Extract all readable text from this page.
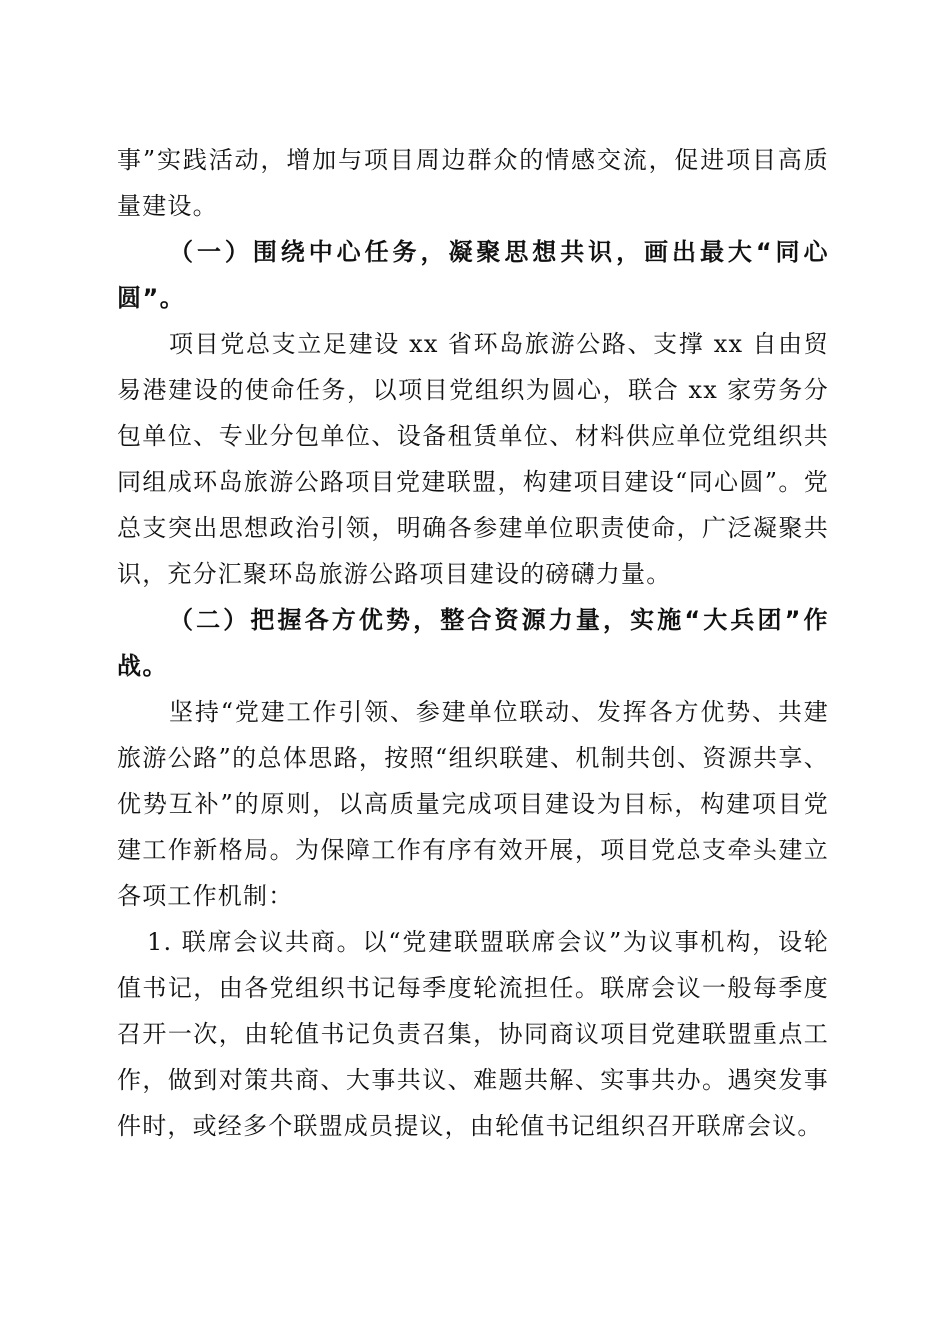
事”实践活动，增加与项目周边群众的情感交流，促进项目高质量建设。

（一）围绕中心任务，凝聚思想共识，画出最大“同心圆”。

项目党总支立足建设 xx 省环岛旅游公路、支撑 xx 自由贸易港建设的使命任务，以项目党组织为圆心，联合 xx 家劳务分包单位、专业分包单位、设备租赁单位、材料供应单位党组织共同组成环岛旅游公路项目党建联盟，构建项目建设“同心圆”。党总支突出思想政治引领，明确各参建单位职责使命，广泛凝聚共识，充分汇聚环岛旅游公路项目建设的磅礴力量。

（二）把握各方优势，整合资源力量，实施“大兵团”作战。

坚持“党建工作引领、参建单位联动、发挥各方优势、共建旅游公路”的总体思路，按照“组织联建、机制共创、资源共享、优势互补”的原则，以高质量完成项目建设为目标，构建项目党建工作新格局。为保障工作有序有效开展，项目党总支牵头建立各项工作机制：

1. 联席会议共商。以“党建联盟联席会议”为议事机构，设轮值书记，由各党组织书记每季度轮流担任。联席会议一般每季度召开一次，由轮值书记负责召集，协同商议项目党建联盟重点工作，做到对策共商、大事共议、难题共解、实事共办。遇突发事件时，或经多个联盟成员提议，由轮值书记组织召开联席会议。
